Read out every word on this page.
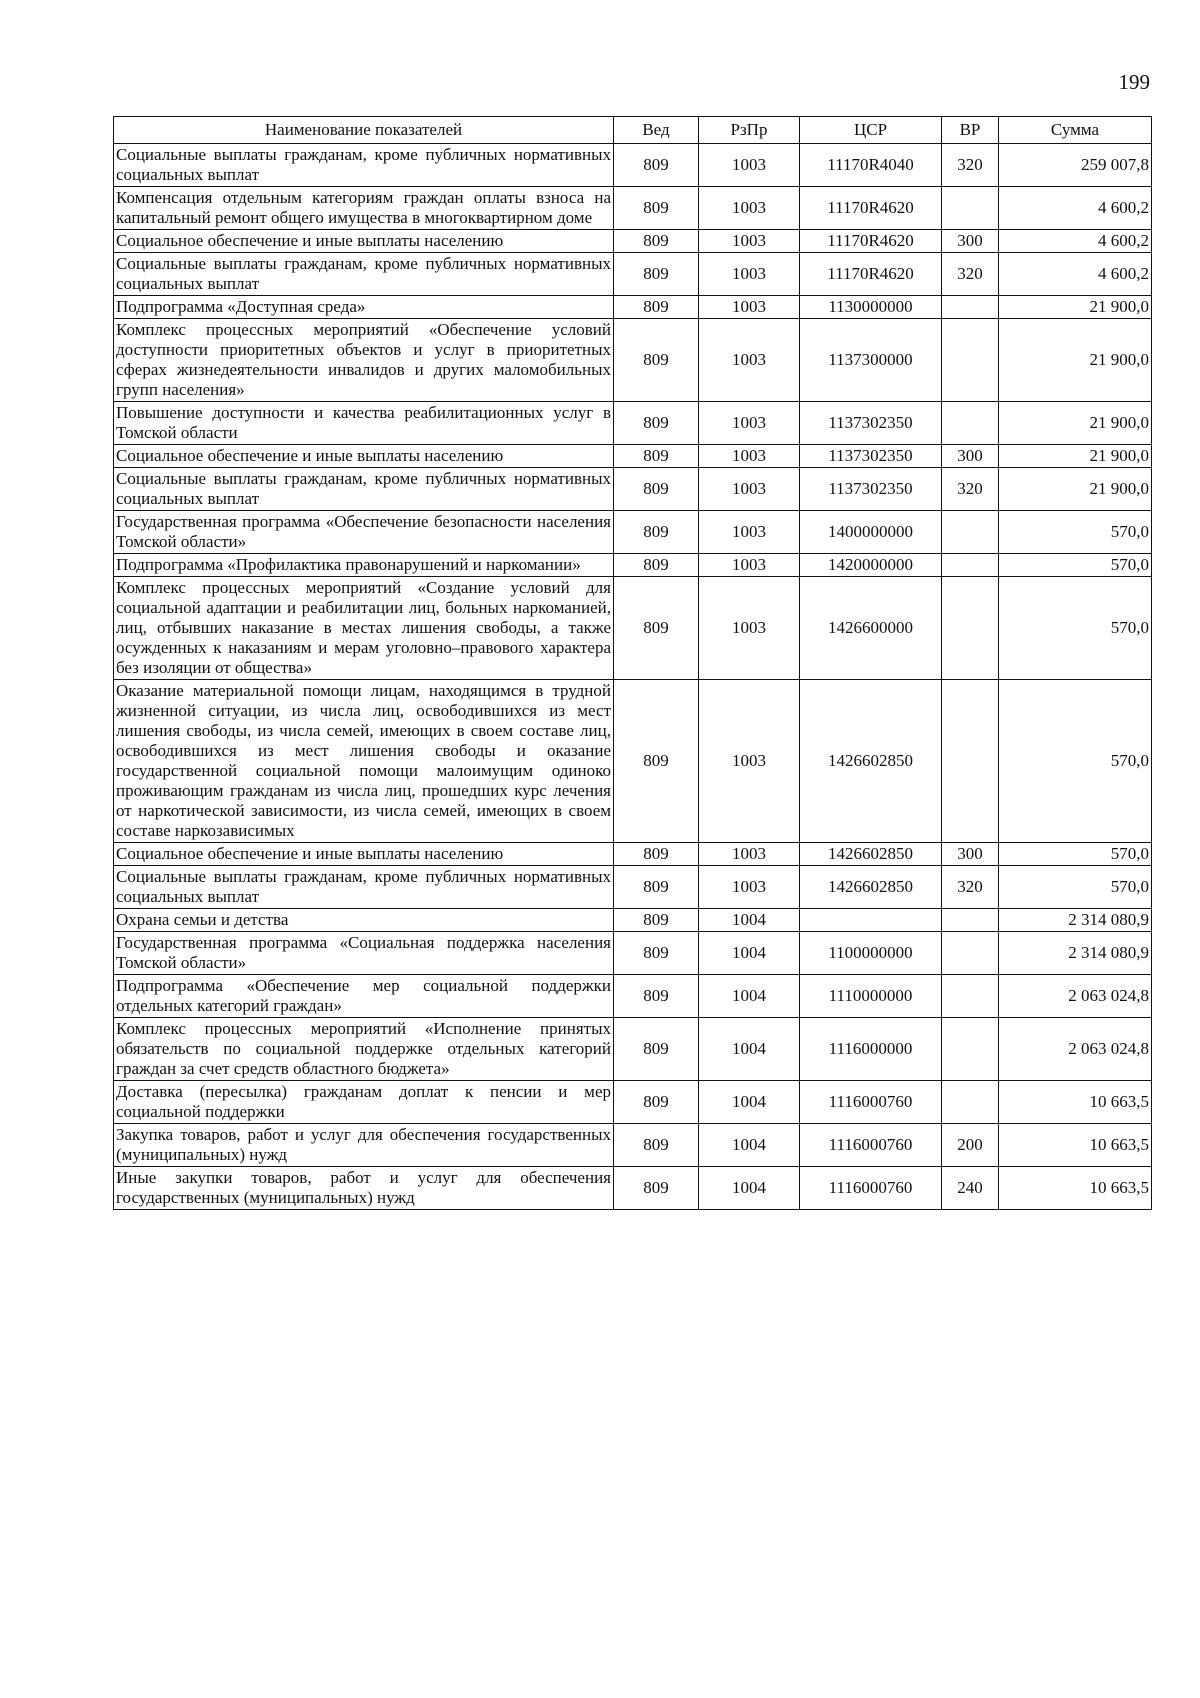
199
Наименование показателей	Вед	РзПр	ЦСР	ВР	Сумма
Социальные выплаты гражданам, кроме публичных нормативных социальных выплат	809	1003	11170R4040	320	259 007,8
Компенсация отдельным категориям граждан оплаты взноса на капитальный ремонт общего имущества в многоквартирном доме	809	1003	11170R4620		4 600,2
Социальное обеспечение и иные выплаты населению	809	1003	11170R4620	300	4 600,2
Социальные выплаты гражданам, кроме публичных нормативных социальных выплат	809	1003	11170R4620	320	4 600,2
Подпрограмма «Доступная среда»	809	1003	1130000000		21 900,0
Комплекс процессных мероприятий «Обеспечение условий доступности приоритетных объектов и услуг в приоритетных сферах жизнедеятельности инвалидов и других маломобильных групп населения»	809	1003	1137300000		21 900,0
Повышение доступности и качества реабилитационных услуг в Томской области	809	1003	1137302350		21 900,0
Социальное обеспечение и иные выплаты населению	809	1003	1137302350	300	21 900,0
Социальные выплаты гражданам, кроме публичных нормативных социальных выплат	809	1003	1137302350	320	21 900,0
Государственная программа «Обеспечение безопасности населения Томской области»	809	1003	1400000000		570,0
Подпрограмма «Профилактика правонарушений и наркомании»	809	1003	1420000000		570,0
Комплекс процессных мероприятий «Создание условий для социальной адаптации и реабилитации лиц, больных наркоманией, лиц, отбывших наказание в местах лишения свободы, а также осужденных к наказаниям и мерам уголовно–правового характера без изоляции от общества»	809	1003	1426600000		570,0
Оказание материальной помощи лицам, находящимся в трудной жизненной ситуации, из числа лиц, освободившихся из мест лишения свободы, из числа семей, имеющих в своем составе лиц, освободившихся из мест лишения свободы и оказание государственной социальной помощи малоимущим одиноко проживающим гражданам из числа лиц, прошедших курс лечения от наркотической зависимости, из числа семей, имеющих в своем составе наркозависимых	809	1003	1426602850		570,0
Социальное обеспечение и иные выплаты населению	809	1003	1426602850	300	570,0
Социальные выплаты гражданам, кроме публичных нормативных социальных выплат	809	1003	1426602850	320	570,0
Охрана семьи и детства	809	1004			2 314 080,9
Государственная программа «Социальная поддержка населения Томской области»	809	1004	1100000000		2 314 080,9
Подпрограмма «Обеспечение мер социальной поддержки отдельных категорий граждан»	809	1004	1110000000		2 063 024,8
Комплекс процессных мероприятий «Исполнение принятых обязательств по социальной поддержке отдельных категорий граждан за счет средств областного бюджета»	809	1004	1116000000		2 063 024,8
Доставка (пересылка) гражданам доплат к пенсии и мер социальной поддержки	809	1004	1116000760		10 663,5
Закупка товаров, работ и услуг для обеспечения государственных (муниципальных) нужд	809	1004	1116000760	200	10 663,5
Иные закупки товаров, работ и услуг для обеспечения государственных (муниципальных) нужд	809	1004	1116000760	240	10 663,5
